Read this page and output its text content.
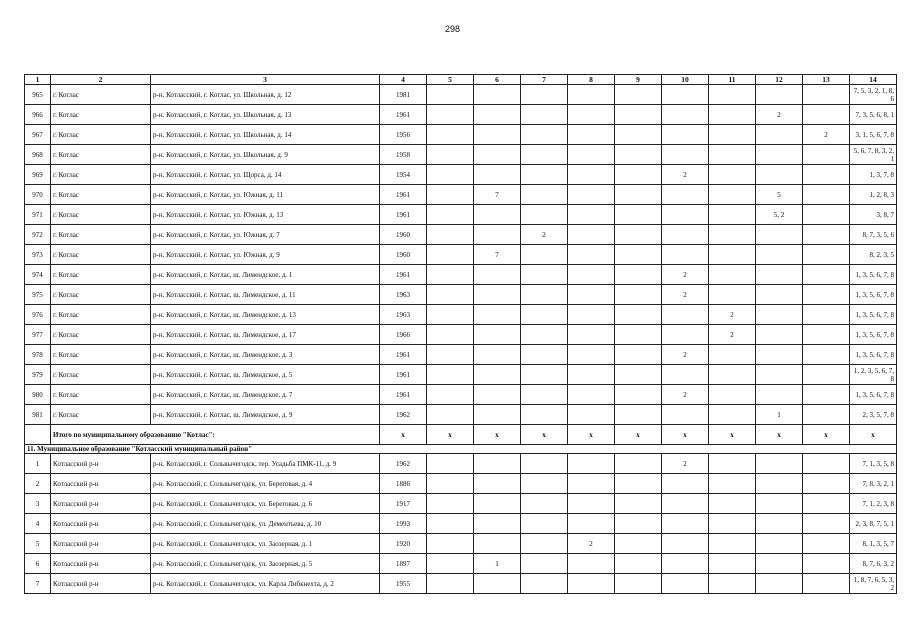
298
1	2	3	4	5	6	7	8	9	10	11	12	13	14
965	г. Котлас	р-н. Котласский, г. Котлас, ул. Школьная, д. 12	1981										7, 5, 3, 2, 1, 8, 6
966	г. Котлас	р-н. Котласский, г. Котлас, ул. Школьная, д. 13	1961								2		7, 3, 5, 6, 8, 1
967	г. Котлас	р-н. Котласский, г. Котлас, ул. Школьная, д. 14	1956									2	3, 1, 5, 6, 7, 8
968	г. Котлас	р-н. Котласский, г. Котлас, ул. Школьная, д. 9	1958										5, 6, 7, 8, 3, 2, 1
969	г. Котлас	р-н. Котласский, г. Котлас, ул. Щорса, д. 14	1954						2				1, 3, 7, 8
970	г. Котлас	р-н. Котласский, г. Котлас, ул. Южная, д. 11	1961		7						5		1, 2, 8, 3
971	г. Котлас	р-н. Котласский, г. Котлас, ул. Южная, д. 13	1961								5, 2		3, 8, 7
972	г. Котлас	р-н. Котласский, г. Котлас, ул. Южная, д. 7	1960			2							8, 7, 3, 5, 6
973	г. Котлас	р-н. Котласский, г. Котлас, ул. Южная, д. 9	1960		7								8, 2, 3, 5
974	г. Котлас	р-н. Котласский, г. Котлас, ш. Лимендское, д. 1	1961						2				1, 3, 5, 6, 7, 8
975	г. Котлас	р-н. Котласский, г. Котлас, ш. Лимендское, д. 11	1963						2				1, 3, 5, 6, 7, 8
976	г. Котлас	р-н. Котласский, г. Котлас, ш. Лимендское, д. 13	1963							2			1, 3, 5, 6, 7, 8
977	г. Котлас	р-н. Котласский, г. Котлас, ш. Лимендское, д. 17	1966							2			1, 3, 5, 6, 7, 8
978	г. Котлас	р-н. Котласский, г. Котлас, ш. Лимендское, д. 3	1961						2				1, 3, 5, 6, 7, 8
979	г. Котлас	р-н. Котласский, г. Котлас, ш. Лимендское, д. 5	1961										1, 2, 3, 5, 6, 7, 8
980	г. Котлас	р-н. Котласский, г. Котлас, ш. Лимендское, д. 7	1961						2				1, 3, 5, 6, 7, 8
981	г. Котлас	р-н. Котласский, г. Котлас, ш. Лимендское, д. 9	1962								1		2, 3, 5, 7, 8
	Итого по муниципальному образованию "Котлас":		x	x	x	x	x	x	x	x	x	x	x
11. Муниципальное образование "Котласский муниципальный район"													
1	Котласский р-н	р-н. Котласский, г. Сольвычегодск, тер. Усадьба ПМК-11, д. 9	1962						2				7, 1, 3, 5, 8
2	Котласский р-н	р-н. Котласский, г. Сольвычегодск, ул. Береговая, д. 4	1886										7, 8, 3, 2, 1
3	Котласский р-н	р-н. Котласский, г. Сольвычегодск, ул. Береговая, д. 6	1917										7, 1, 2, 3, 8
4	Котласский р-н	р-н. Котласский, г. Сольвычегодск, ул. Дементьева, д. 10	1993										2, 3, 8, 7, 5, 1
5	Котласский р-н	р-н. Котласский, г. Сольвычегодск, ул. Заозерная, д. 1	1920				2						8, 1, 3, 5, 7
6	Котласский р-н	р-н. Котласский, г. Сольвычегодск, ул. Заозерная, д. 5	1897		1								8, 7, 6, 3, 2
7	Котласский р-н	р-н. Котласский, г. Сольвычегодск, ул. Карла Либкнехта, д. 2	1955										1, 8, 7, 6, 5, 3, 2
